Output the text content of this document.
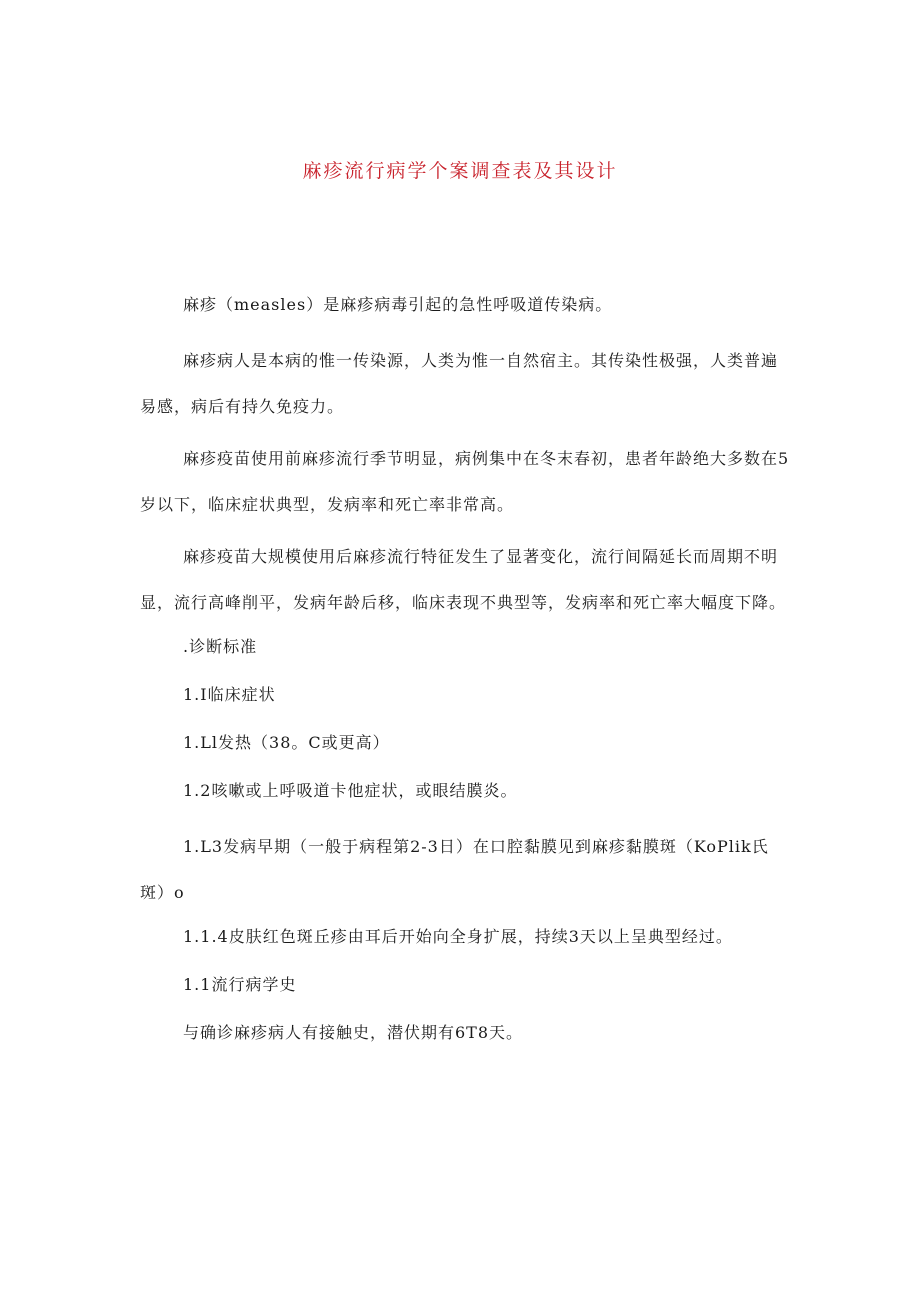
麻疹流行病学个案调查表及其设计

麻疹（measles）是麻疹病毒引起的急性呼吸道传染病。

麻疹病人是本病的惟一传染源，人类为惟一自然宿主。其传染性极强，人类普遍易感，病后有持久免疫力。

麻疹疫苗使用前麻疹流行季节明显，病例集中在冬末春初，患者年龄绝大多数在5岁以下，临床症状典型，发病率和死亡率非常高。

麻疹疫苗大规模使用后麻疹流行特征发生了显著变化，流行间隔延长而周期不明显，流行高峰削平，发病年龄后移，临床表现不典型等，发病率和死亡率大幅度下降。

.诊断标准

1.I临床症状

1.Ll发热（38。C或更高）

1.2咳嗽或上呼吸道卡他症状，或眼结膜炎。

1.L3发病早期（一般于病程第2-3日）在口腔黏膜见到麻疹黏膜斑（KoPlik氏斑）o

1.1.4皮肤红色斑丘疹由耳后开始向全身扩展，持续3天以上呈典型经过。

1.1流行病学史

与确诊麻疹病人有接触史，潜伏期有6T8天。
